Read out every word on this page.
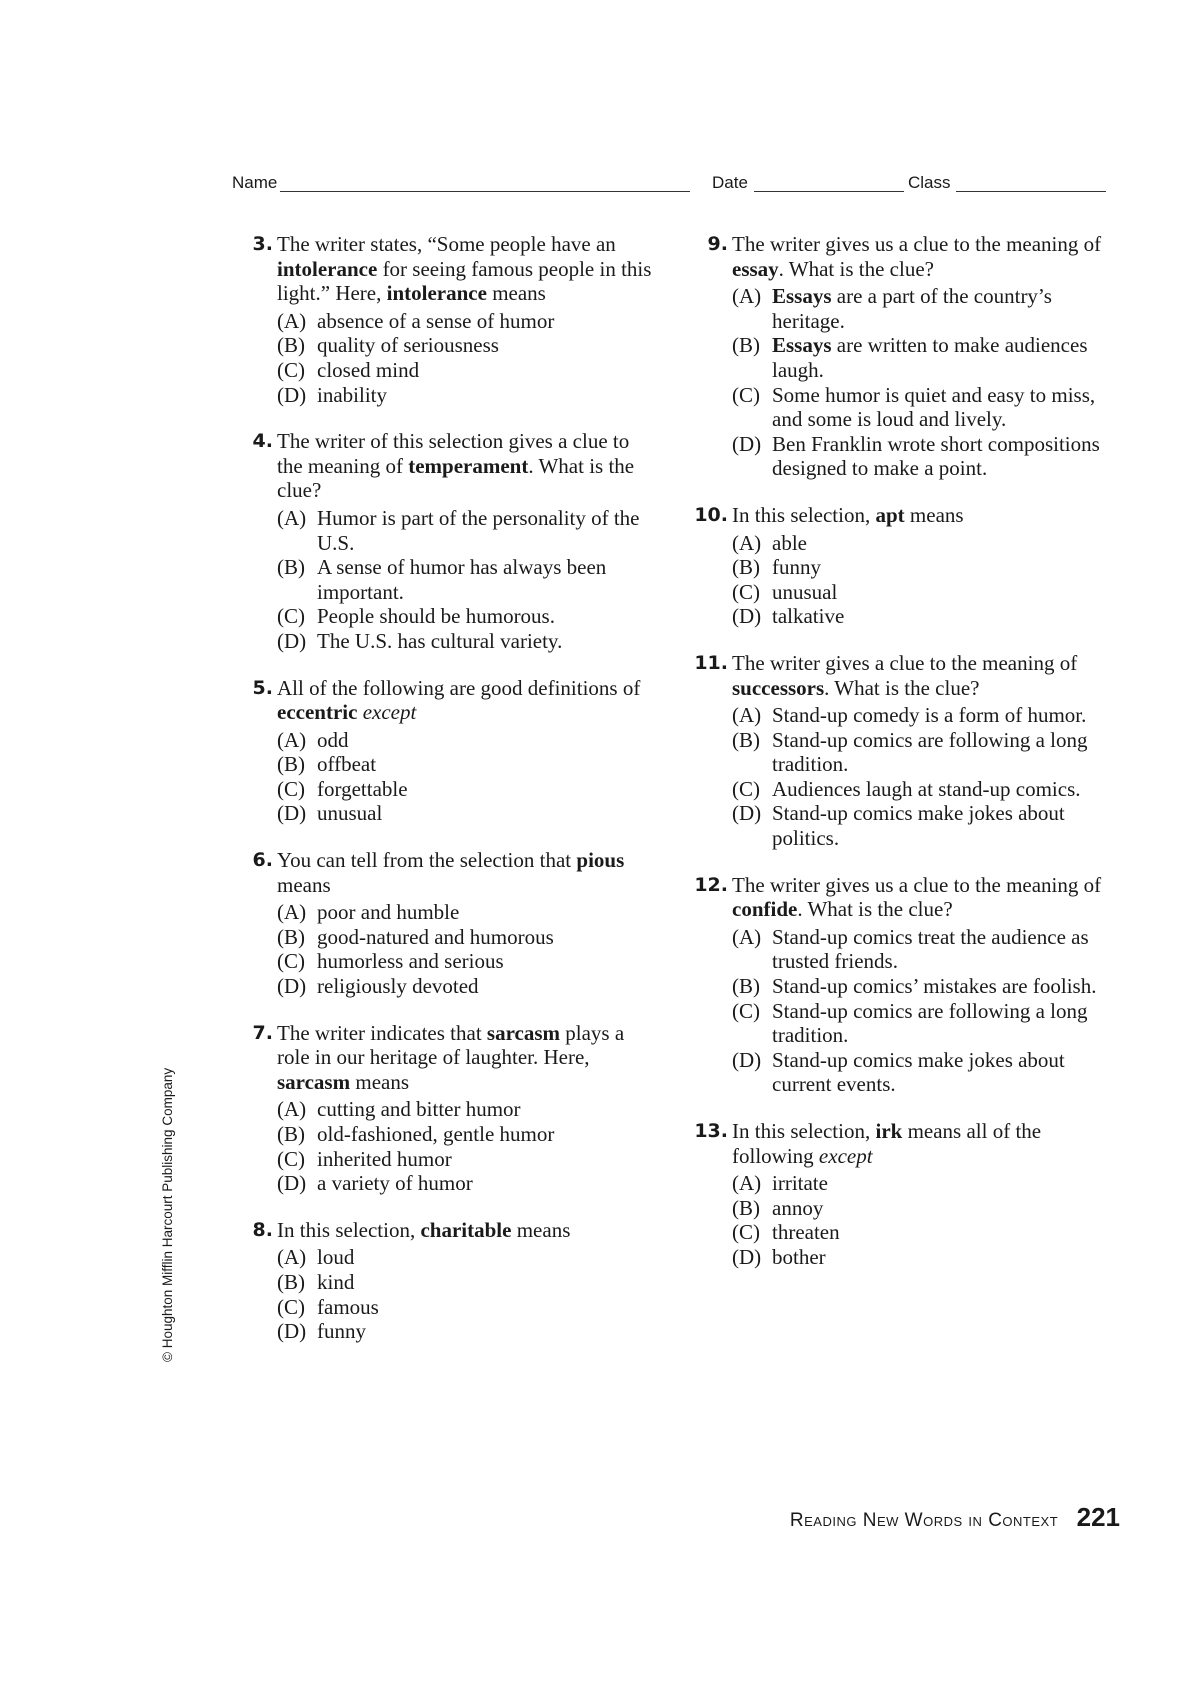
Name	Date	Class
3. The writer states, “Some people have an intolerance for seeing famous people in this light.” Here, intolerance means
(A) absence of a sense of humor
(B) quality of seriousness
(C) closed mind
(D) inability
4. The writer of this selection gives a clue to the meaning of temperament. What is the clue?
(A) Humor is part of the personality of the U.S.
(B) A sense of humor has always been important.
(C) People should be humorous.
(D) The U.S. has cultural variety.
5. All of the following are good definitions of eccentric except
(A) odd
(B) offbeat
(C) forgettable
(D) unusual
6. You can tell from the selection that pious means
(A) poor and humble
(B) good-natured and humorous
(C) humorless and serious
(D) religiously devoted
7. The writer indicates that sarcasm plays a role in our heritage of laughter. Here, sarcasm means
(A) cutting and bitter humor
(B) old-fashioned, gentle humor
(C) inherited humor
(D) a variety of humor
8. In this selection, charitable means
(A) loud
(B) kind
(C) famous
(D) funny
9. The writer gives us a clue to the meaning of essay. What is the clue?
(A) Essays are a part of the country’s heritage.
(B) Essays are written to make audiences laugh.
(C) Some humor is quiet and easy to miss, and some is loud and lively.
(D) Ben Franklin wrote short compositions designed to make a point.
10. In this selection, apt means
(A) able
(B) funny
(C) unusual
(D) talkative
11. The writer gives a clue to the meaning of successors. What is the clue?
(A) Stand-up comedy is a form of humor.
(B) Stand-up comics are following a long tradition.
(C) Audiences laugh at stand-up comics.
(D) Stand-up comics make jokes about politics.
12. The writer gives us a clue to the meaning of confide. What is the clue?
(A) Stand-up comics treat the audience as trusted friends.
(B) Stand-up comics’ mistakes are foolish.
(C) Stand-up comics are following a long tradition.
(D) Stand-up comics make jokes about current events.
13. In this selection, irk means all of the following except
(A) irritate
(B) annoy
(C) threaten
(D) bother
© Houghton Mifflin Harcourt Publishing Company
Reading New Words in Context 221
